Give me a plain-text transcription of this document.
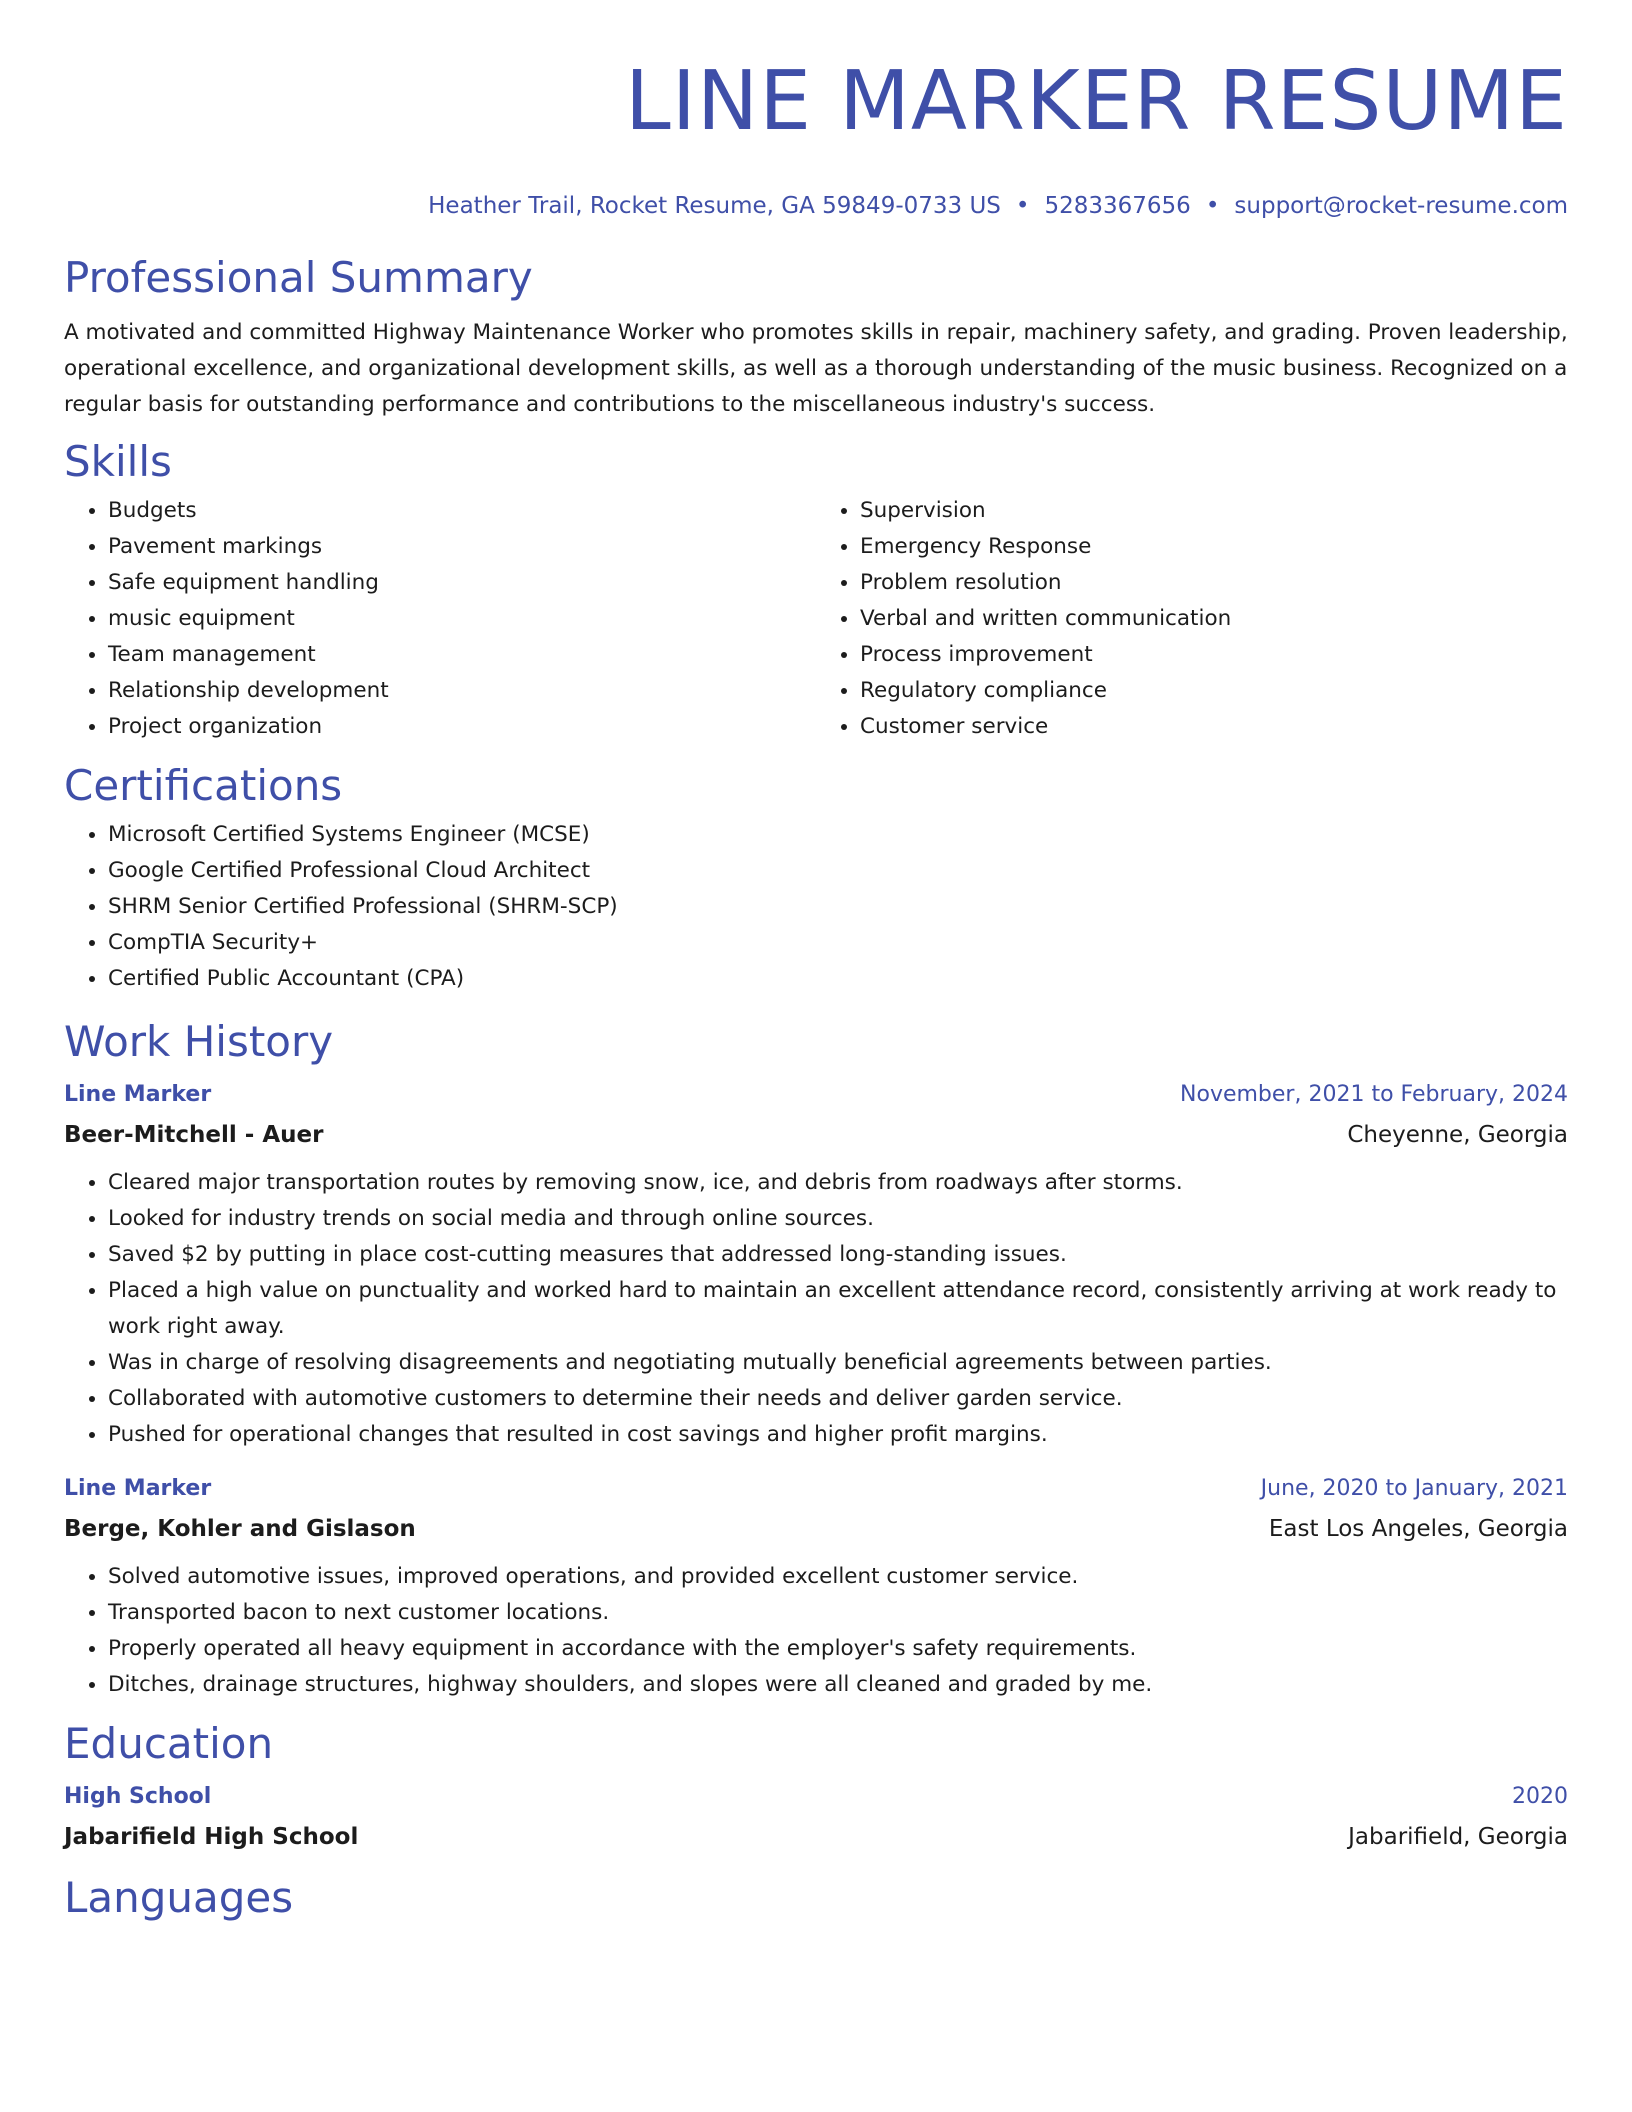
LINE MARKER RESUME
Heather Trail, Rocket Resume, GA 59849-0733 US • 5283367656 • support@rocket-resume.com
Professional Summary

A motivated and committed Highway Maintenance Worker who promotes skills in repair, machinery safety, and grading. Proven leadership, operational excellence, and organizational development skills, as well as a thorough understanding of the music business. Recognized on a regular basis for outstanding performance and contributions to the miscellaneous industry's success.

Skills
• Budgets
• Pavement markings
• Safe equipment handling
• music equipment
• Team management
• Relationship development
• Project organization
• Supervision
• Emergency Response
• Problem resolution
• Verbal and written communication
• Process improvement
• Regulatory compliance
• Customer service
Certifications
• Microsoft Certified Systems Engineer (MCSE)
• Google Certified Professional Cloud Architect
• SHRM Senior Certified Professional (SHRM-SCP)
• CompTIA Security+
• Certified Public Accountant (CPA)
Work History
Line Marker	November, 2021 to February, 2024
Beer-Mitchell - Auer	Cheyenne, Georgia
• Cleared major transportation routes by removing snow, ice, and debris from roadways after storms.
• Looked for industry trends on social media and through online sources.
• Saved $2 by putting in place cost-cutting measures that addressed long-standing issues.
• Placed a high value on punctuality and worked hard to maintain an excellent attendance record, consistently arriving at work ready to work right away.
• Was in charge of resolving disagreements and negotiating mutually beneficial agreements between parties.
• Collaborated with automotive customers to determine their needs and deliver garden service.
• Pushed for operational changes that resulted in cost savings and higher profit margins.
Line Marker	June, 2020 to January, 2021
Berge, Kohler and Gislason	East Los Angeles, Georgia
• Solved automotive issues, improved operations, and provided excellent customer service.
• Transported bacon to next customer locations.
• Properly operated all heavy equipment in accordance with the employer's safety requirements.
• Ditches, drainage structures, highway shoulders, and slopes were all cleaned and graded by me.
Education
High School	2020
Jabarifield High School	Jabarifield, Georgia
Languages
